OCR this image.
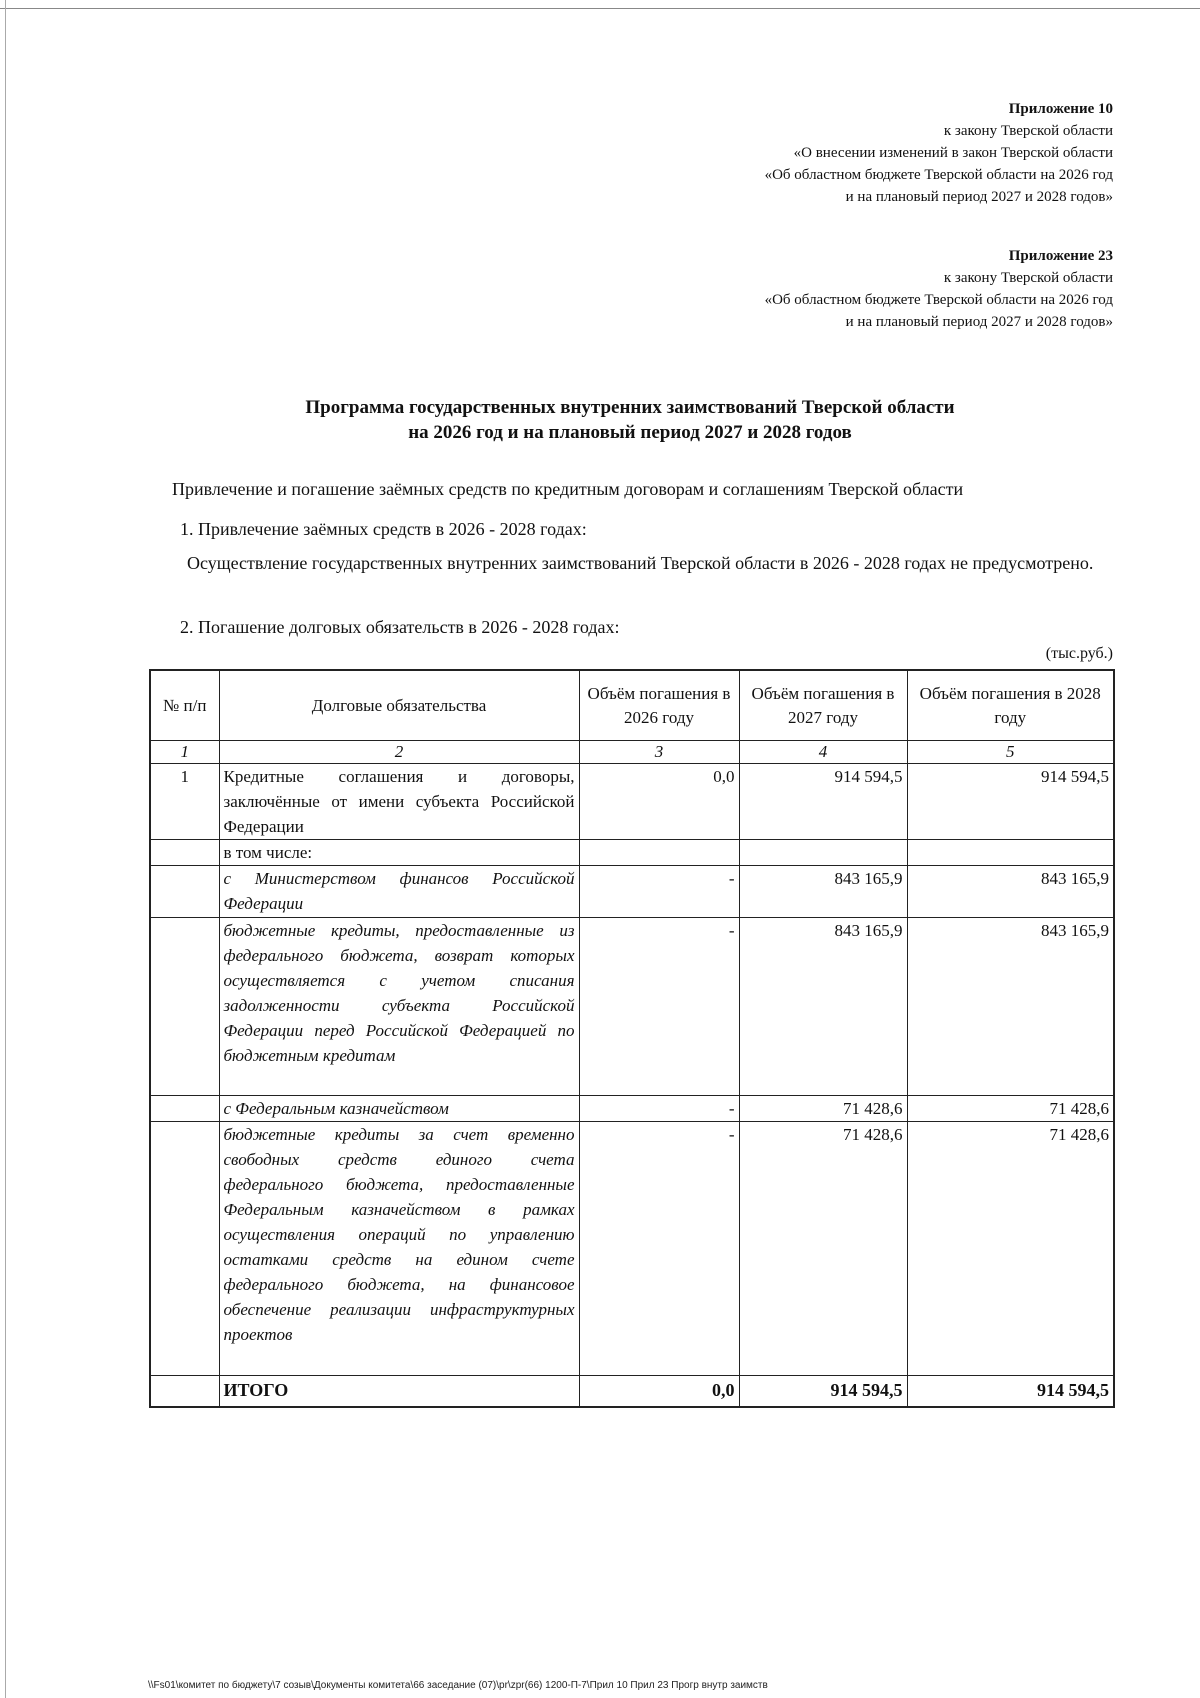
Приложение 10
к закону Тверской области
«О внесении изменений в закон Тверской области
«Об областном бюджете Тверской области на 2026 год
и на плановый период 2027 и 2028 годов»
Приложение 23
к закону Тверской области
«Об областном бюджете Тверской области на 2026 год
и на плановый период 2027 и 2028 годов»
Программа государственных внутренних заимствований Тверской области
на 2026 год и на плановый период 2027 и 2028 годов
Привлечение и погашение заёмных средств по кредитным договорам и соглашениям Тверской области
1. Привлечение заёмных средств в 2026 - 2028 годах:
Осуществление государственных внутренних заимствований Тверской области в 2026 - 2028 годах не предусмотрено.
2. Погашение долговых обязательств в 2026 - 2028 годах:
(тыс.руб.)
№ п/п	Долговые обязательства	Объём погашения в 2026 году	Объём погашения в 2027 году	Объём погашения в 2028 году
1	2	3	4	5
1	Кредитные соглашения и договоры, заключённые от имени субъекта Российской Федерации	0,0	914 594,5	914 594,5
	в том числе:			
	с Министерством финансов Российской Федерации	-	843 165,9	843 165,9
	бюджетные кредиты, предоставленные из федерального бюджета, возврат которых осуществляется с учетом списания задолженности субъекта Российской Федерации перед Российской Федерацией по бюджетным кредитам	-	843 165,9	843 165,9
	с Федеральным казначейством	-	71 428,6	71 428,6
	бюджетные кредиты за счет временно свободных средств единого счета федерального бюджета, предоставленные Федеральным казначейством в рамках осуществления операций по управлению остатками средств на едином счете федерального бюджета, на финансовое обеспечение реализации инфраструктурных проектов	-	71 428,6	71 428,6
	ИТОГО	0,0	914 594,5	914 594,5
\\Fs01\комитет по бюджету\7 созыв\Документы комитета\66 заседание (07)\pr\zpr(66) 1200-П-7\Прил 10 Прил 23 Прогр внутр заимств
